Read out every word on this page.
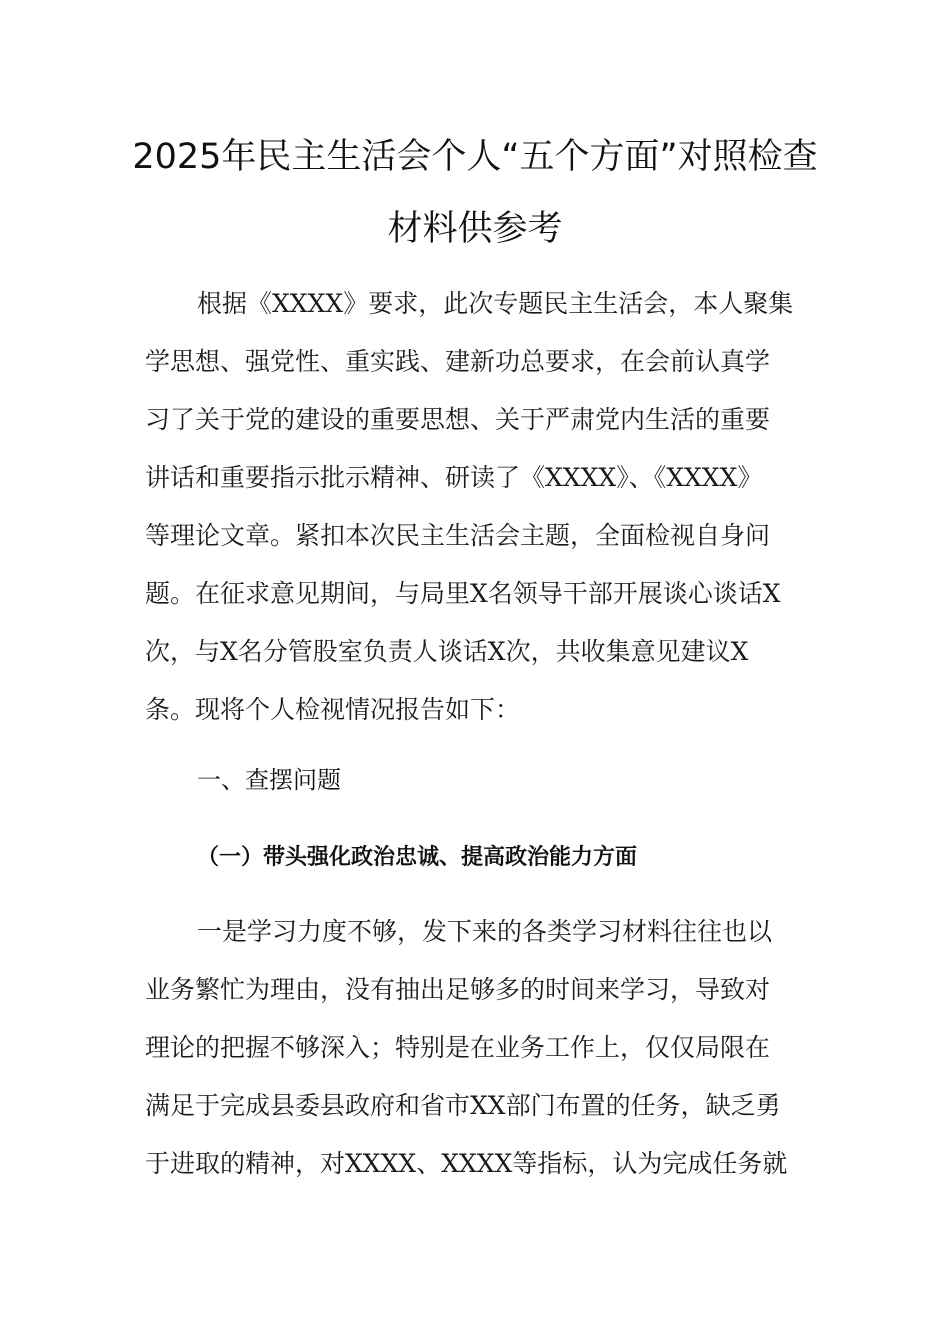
2025年民主生活会个人“五个方面”对照检查
材料供参考
根据《XXXX》要求，此次专题民主生活会，本人聚集
学思想、强党性、重实践、建新功总要求，在会前认真学
习了关于党的建设的重要思想、关于严肃党内生活的重要
讲话和重要指示批示精神、研读了《XXXX》、《XXXX》
等理论文章。紧扣本次民主生活会主题，全面检视自身问
题。在征求意见期间，与局里X名领导干部开展谈心谈话X
次，与X名分管股室负责人谈话X次，共收集意见建议X
条。现将个人检视情况报告如下：
一、查摆问题
（一）带头强化政治忠诚、提高政治能力方面
一是学习力度不够，发下来的各类学习材料往往也以
业务繁忙为理由，没有抽出足够多的时间来学习，导致对
理论的把握不够深入；特别是在业务工作上，仅仅局限在
满足于完成县委县政府和省市XX部门布置的任务，缺乏勇
于进取的精神，对XXXX、XXXX等指标，认为完成任务就
